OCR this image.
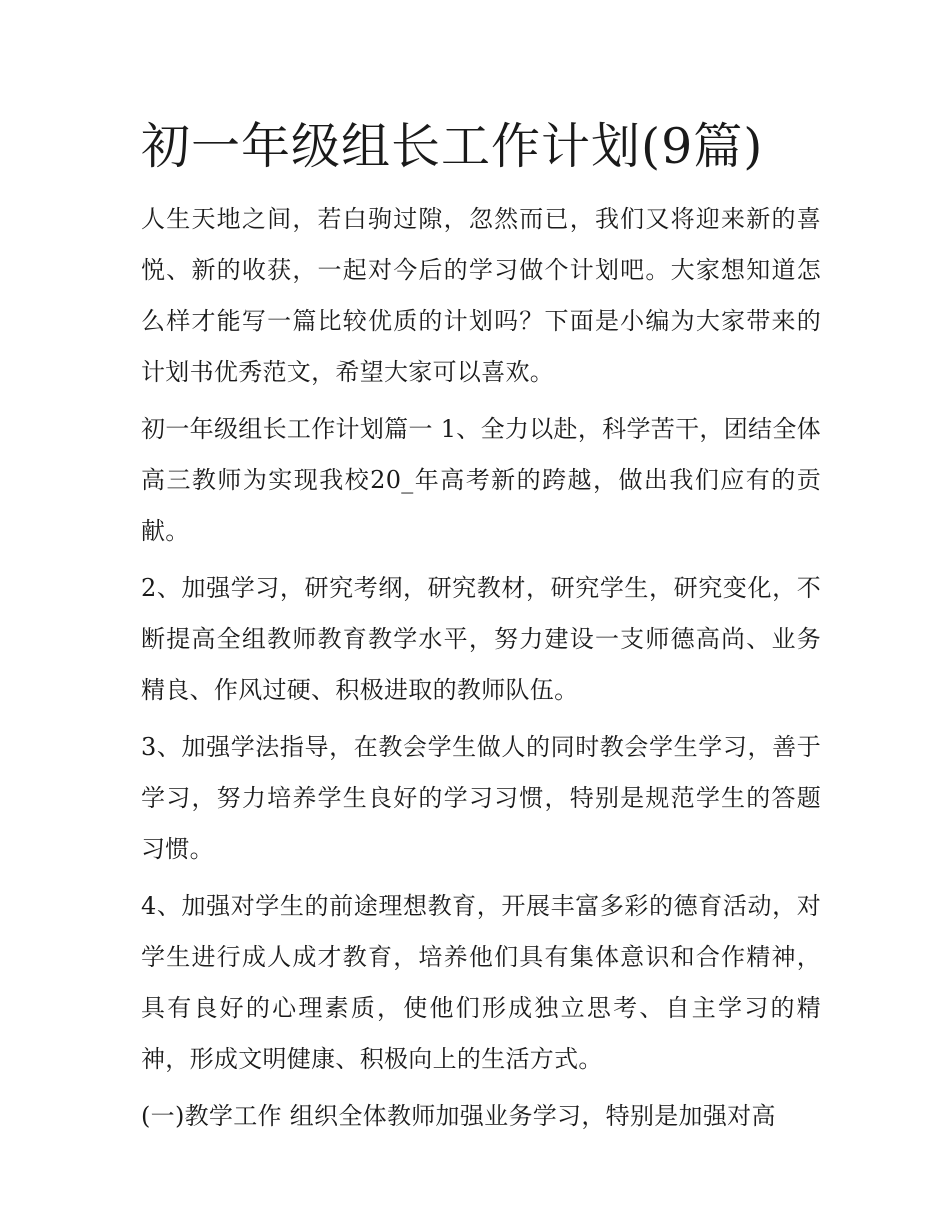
初一年级组长工作计划(9篇)

人生天地之间，若白驹过隙，忽然而已，我们又将迎来新的喜悦、新的收获，一起对今后的学习做个计划吧。大家想知道怎么样才能写一篇比较优质的计划吗？下面是小编为大家带来的计划书优秀范文，希望大家可以喜欢。

初一年级组长工作计划篇一 1、全力以赴，科学苦干，团结全体高三教师为实现我校20_年高考新的跨越，做出我们应有的贡献。

2、加强学习，研究考纲，研究教材，研究学生，研究变化，不断提高全组教师教育教学水平，努力建设一支师德高尚、业务精良、作风过硬、积极进取的教师队伍。

3、加强学法指导，在教会学生做人的同时教会学生学习，善于学习，努力培养学生良好的学习习惯，特别是规范学生的答题习惯。

4、加强对学生的前途理想教育，开展丰富多彩的德育活动，对学生进行成人成才教育，培养他们具有集体意识和合作精神，具有良好的心理素质，使他们形成独立思考、自主学习的精神，形成文明健康、积极向上的生活方式。

(一)教学工作 组织全体教师加强业务学习，特别是加强对高
